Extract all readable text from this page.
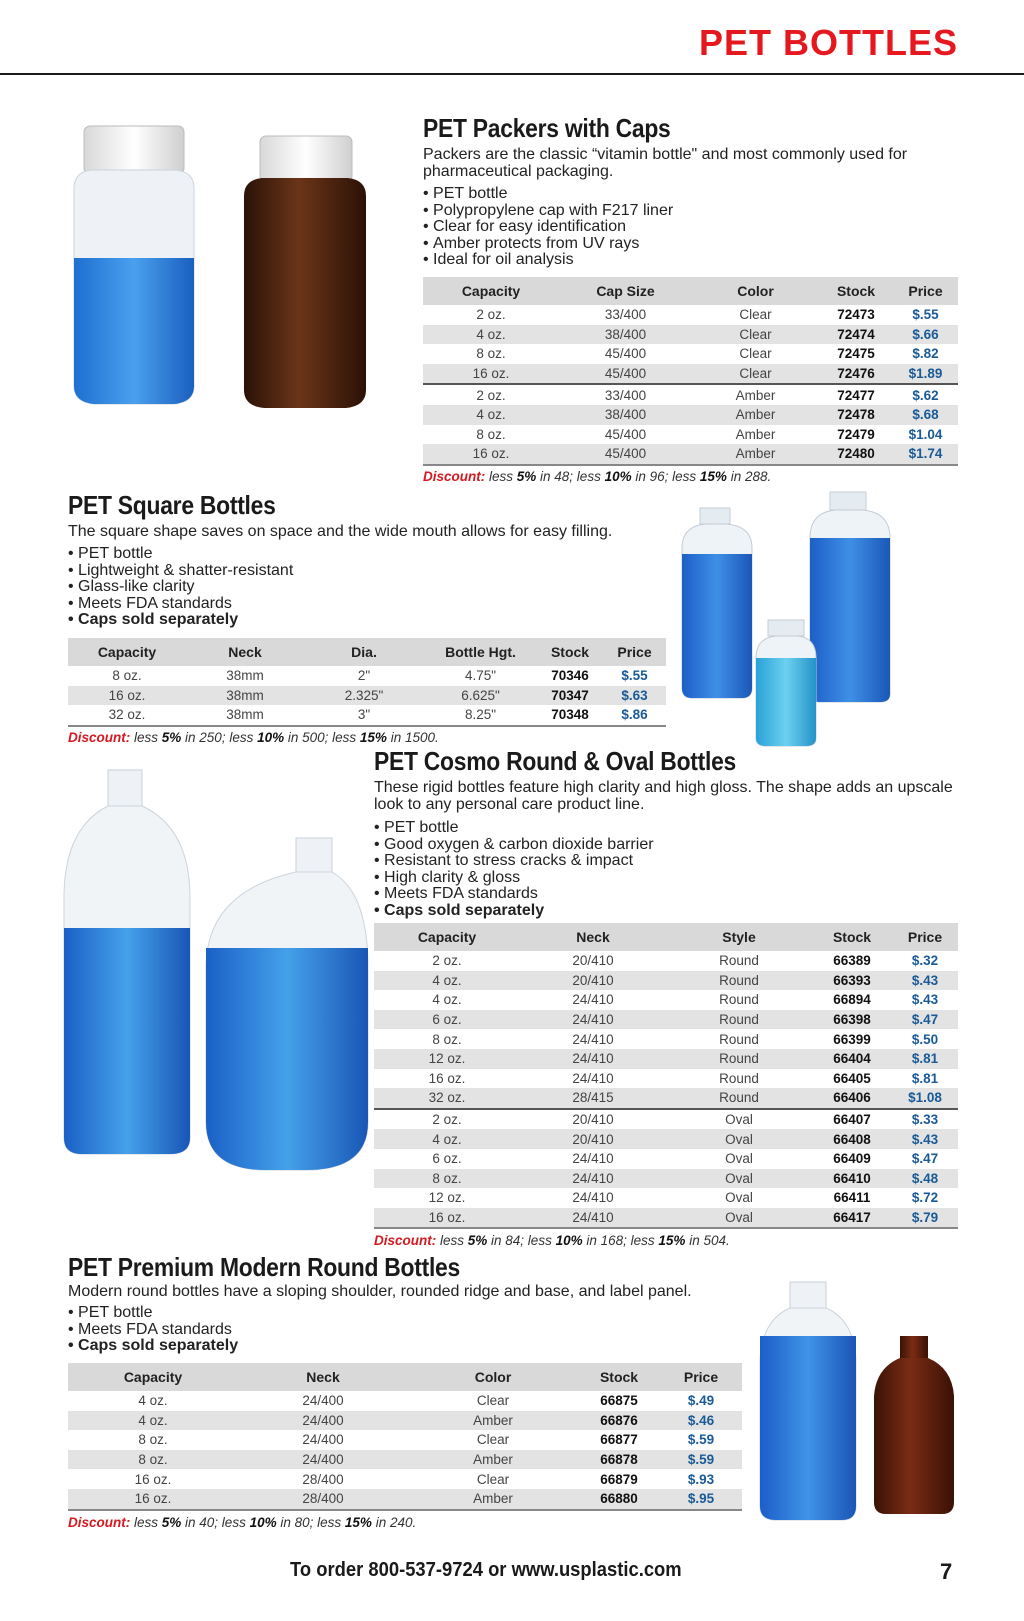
PET BOTTLES
PET Packers with Caps
Packers are the classic “vitamin bottle" and most commonly used for pharmaceutical packaging.
• PET bottle
• Polypropylene cap with F217 liner
• Clear for easy identification
• Amber protects from UV rays
• Ideal for oil analysis
Capacity	Cap Size	Color	Stock	Price
2 oz.	33/400	Clear	72473	$.55
4 oz.	38/400	Clear	72474	$.66
8 oz.	45/400	Clear	72475	$.82
16 oz.	45/400	Clear	72476	$1.89
2 oz.	33/400	Amber	72477	$.62
4 oz.	38/400	Amber	72478	$.68
8 oz.	45/400	Amber	72479	$1.04
16 oz.	45/400	Amber	72480	$1.74
Discount: less 5% in 48; less 10% in 96; less 15% in 288.
PET Square Bottles
The square shape saves on space and the wide mouth allows for easy filling.
• PET bottle
• Lightweight & shatter-resistant
• Glass-like clarity
• Meets FDA standards
• Caps sold separately
Capacity	Neck	Dia.	Bottle Hgt.	Stock	Price
8 oz.	38mm	2"	4.75"	70346	$.55
16 oz.	38mm	2.325"	6.625"	70347	$.63
32 oz.	38mm	3"	8.25"	70348	$.86
Discount: less 5% in 250; less 10% in 500; less 15% in 1500.
PET Cosmo Round & Oval Bottles
These rigid bottles feature high clarity and high gloss. The shape adds an upscale look to any personal care product line.
• PET bottle
• Good oxygen & carbon dioxide barrier
• Resistant to stress cracks & impact
• High clarity & gloss
• Meets FDA standards
• Caps sold separately
Capacity	Neck	Style	Stock	Price
2 oz.	20/410	Round	66389	$.32
4 oz.	20/410	Round	66393	$.43
4 oz.	24/410	Round	66894	$.43
6 oz.	24/410	Round	66398	$.47
8 oz.	24/410	Round	66399	$.50
12 oz.	24/410	Round	66404	$.81
16 oz.	24/410	Round	66405	$.81
32 oz.	28/415	Round	66406	$1.08
2 oz.	20/410	Oval	66407	$.33
4 oz.	20/410	Oval	66408	$.43
6 oz.	24/410	Oval	66409	$.47
8 oz.	24/410	Oval	66410	$.48
12 oz.	24/410	Oval	66411	$.72
16 oz.	24/410	Oval	66417	$.79
Discount: less 5% in 84; less 10% in 168; less 15% in 504.
PET Premium Modern Round Bottles
Modern round bottles have a sloping shoulder, rounded ridge and base, and label panel.
• PET bottle
• Meets FDA standards
• Caps sold separately
Capacity	Neck	Color	Stock	Price
4 oz.	24/400	Clear	66875	$.49
4 oz.	24/400	Amber	66876	$.46
8 oz.	24/400	Clear	66877	$.59
8 oz.	24/400	Amber	66878	$.59
16 oz.	28/400	Clear	66879	$.93
16 oz.	28/400	Amber	66880	$.95
Discount: less 5% in 40; less 10% in 80; less 15% in 240.
To order 800-537-9724 or www.usplastic.com	7
